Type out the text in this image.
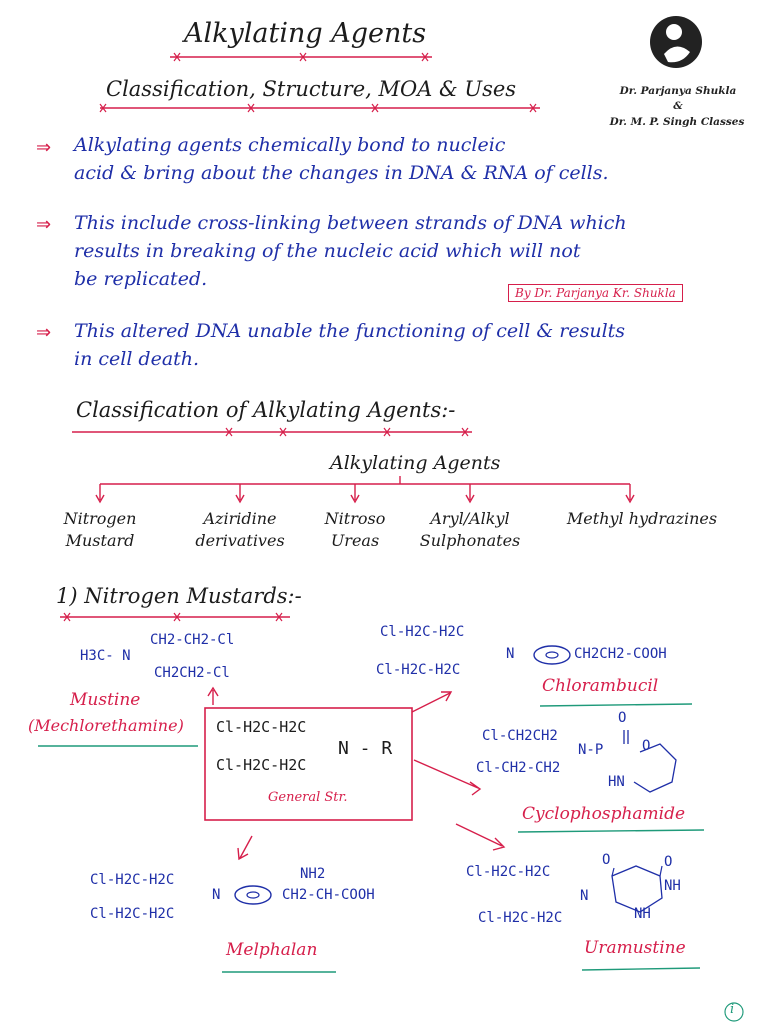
Alkylating Agents
Classification, Structure, MOA & Uses	Dr. Parjanya Shukla
&
Dr. M. P. Singh Classes
⇒ Alkylating agents chemically bond to nucleic
acid & bring about the changes in DNA & RNA of cells.
⇒ This include cross-linking between strands of DNA which
results in breaking of the nucleic acid which will not
be replicated.
By Dr. Parjanya Kr. Shukla
⇒ This altered DNA unable the functioning of cell & results
in cell death.
Classification of Alkylating Agents:-
Alkylating Agents
Nitrogen
Mustard
Aziridine
derivatives
Nitroso
Ureas
Aryl/Alkyl
Sulphonates
Methyl hydrazines
1) Nitrogen Mustards:-
CH2-CH2-Cl
H3C- N
CH2CH2-Cl
Mustine
(Mechlorethamine) Cl-H2C-H2C
N - R
Cl-H2C-H2C
General Str.
Cl-H2C-H2C
N
Cl-H2C-H2C
CH2CH2-COOH
Chlorambucil
O
Cl-CH2CH2
N-P	O
Cl-CH2-CH2
HN
Cyclophosphamide
NH2
Cl-H2C-H2C
N	CH2-CH-COOH
Cl-H2C-H2C
Melphalan
O	O
Cl-H2C-H2C
NH
N
NH
Cl-H2C-H2C
Uramustine
i
